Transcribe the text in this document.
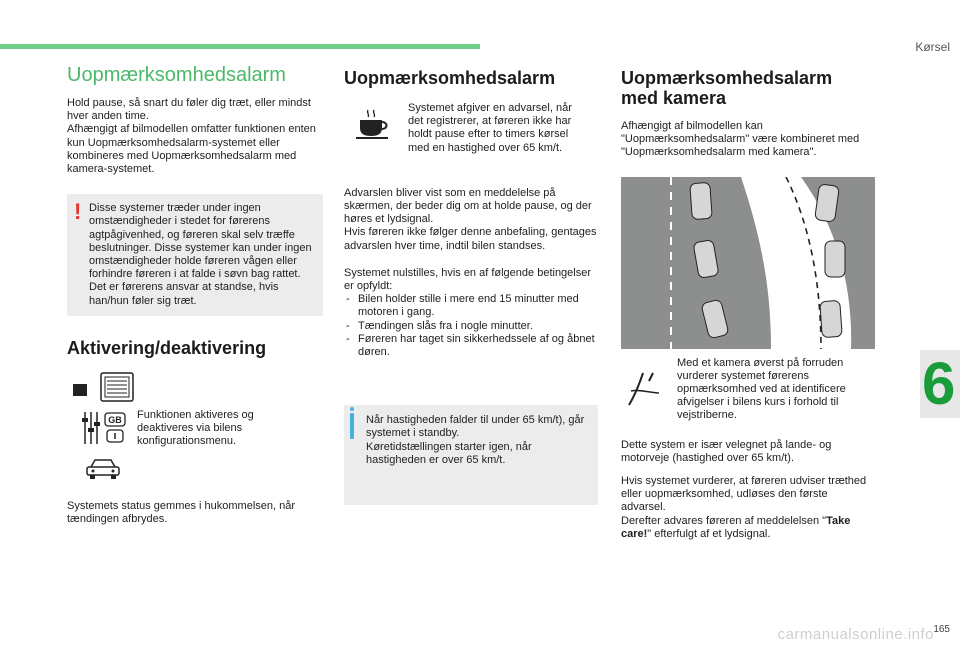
Kørsel
6
165
carmanualsonline.info
Uopmærksomhedsalarm

Hold pause, så snart du føler dig træt, eller mindst hver anden time.

Afhængigt af bilmodellen omfatter funktionen enten kun Uopmærksomhedsalarm-systemet eller kombineres med Uopmærksomhedsalarm med kamera-systemet.

! Disse systemer træder under ingen omstændigheder i stedet for førerens agtpågivenhed, og føreren skal selv træffe beslutninger. Disse systemer kan under ingen omstændigheder holde føreren vågen eller forhindre føreren i at falde i søvn bag rattet.
Det er førerens ansvar at standse, hvis han/hun føler sig træt.
Aktivering/deaktivering
GB Funktionen aktiveres og deaktiveres via bilens konfigurationsmenu.

Systemets status gemmes i hukommelsen, når tændingen afbrydes.

Uopmærksomhedsalarm
Systemet afgiver en advarsel, når det registrerer, at føreren ikke har holdt pause efter to timers kørsel med en hastighed over 65 km/t.

Advarslen bliver vist som en meddelelse på skærmen, der beder dig om at holde pause, og der høres et lydsignal.

Hvis føreren ikke følger denne anbefaling, gentages advarslen hver time, indtil bilen standses.

Systemet nulstilles, hvis en af følgende betingelser er opfyldt:

- Bilen holder stille i mere end 15 minutter med motoren i gang.
- Tændingen slås fra i nogle minutter.
- Føreren har taget sin sikkerhedssele af og åbnet døren.
Når hastigheden falder til under 65 km/t), går systemet i standby.
Køretidstællingen starter igen, når hastigheden er over 65 km/t.
Uopmærksomhedsalarm
med kamera

Afhængigt af bilmodellen kan "Uopmærksomhedsalarm" være kombineret med "Uopmærksomhedsalarm med kamera".

Med et kamera øverst på forruden vurderer systemet førerens opmærksomhed ved at identificere afvigelser i bilens kurs i forhold til vejstriberne.

Dette system er især velegnet på lande- og motorveje (hastighed over 65 km/t).

Hvis systemet vurderer, at føreren udviser træthed eller uopmærksomhed, udløses den første advarsel.

Derefter advares føreren af meddelelsen "Take care!" efterfulgt af et lydsignal.
